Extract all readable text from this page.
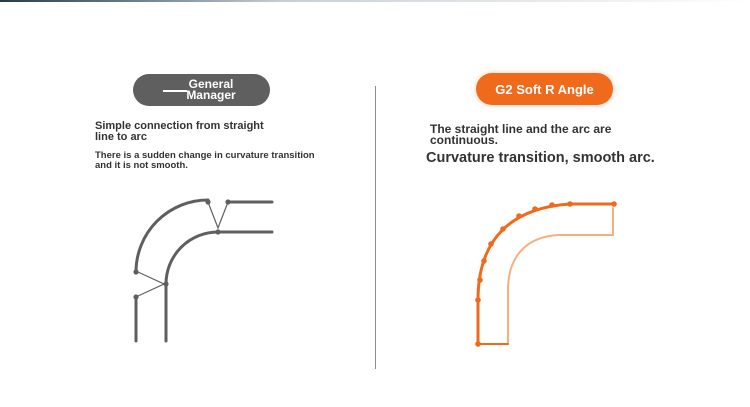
General Manager
Simple connection from straight line to arc
There is a sudden change in curvature transition and it is not smooth.
G2 Soft R Angle
The straight line and the arc are continuous.
Curvature transition, smooth arc.
